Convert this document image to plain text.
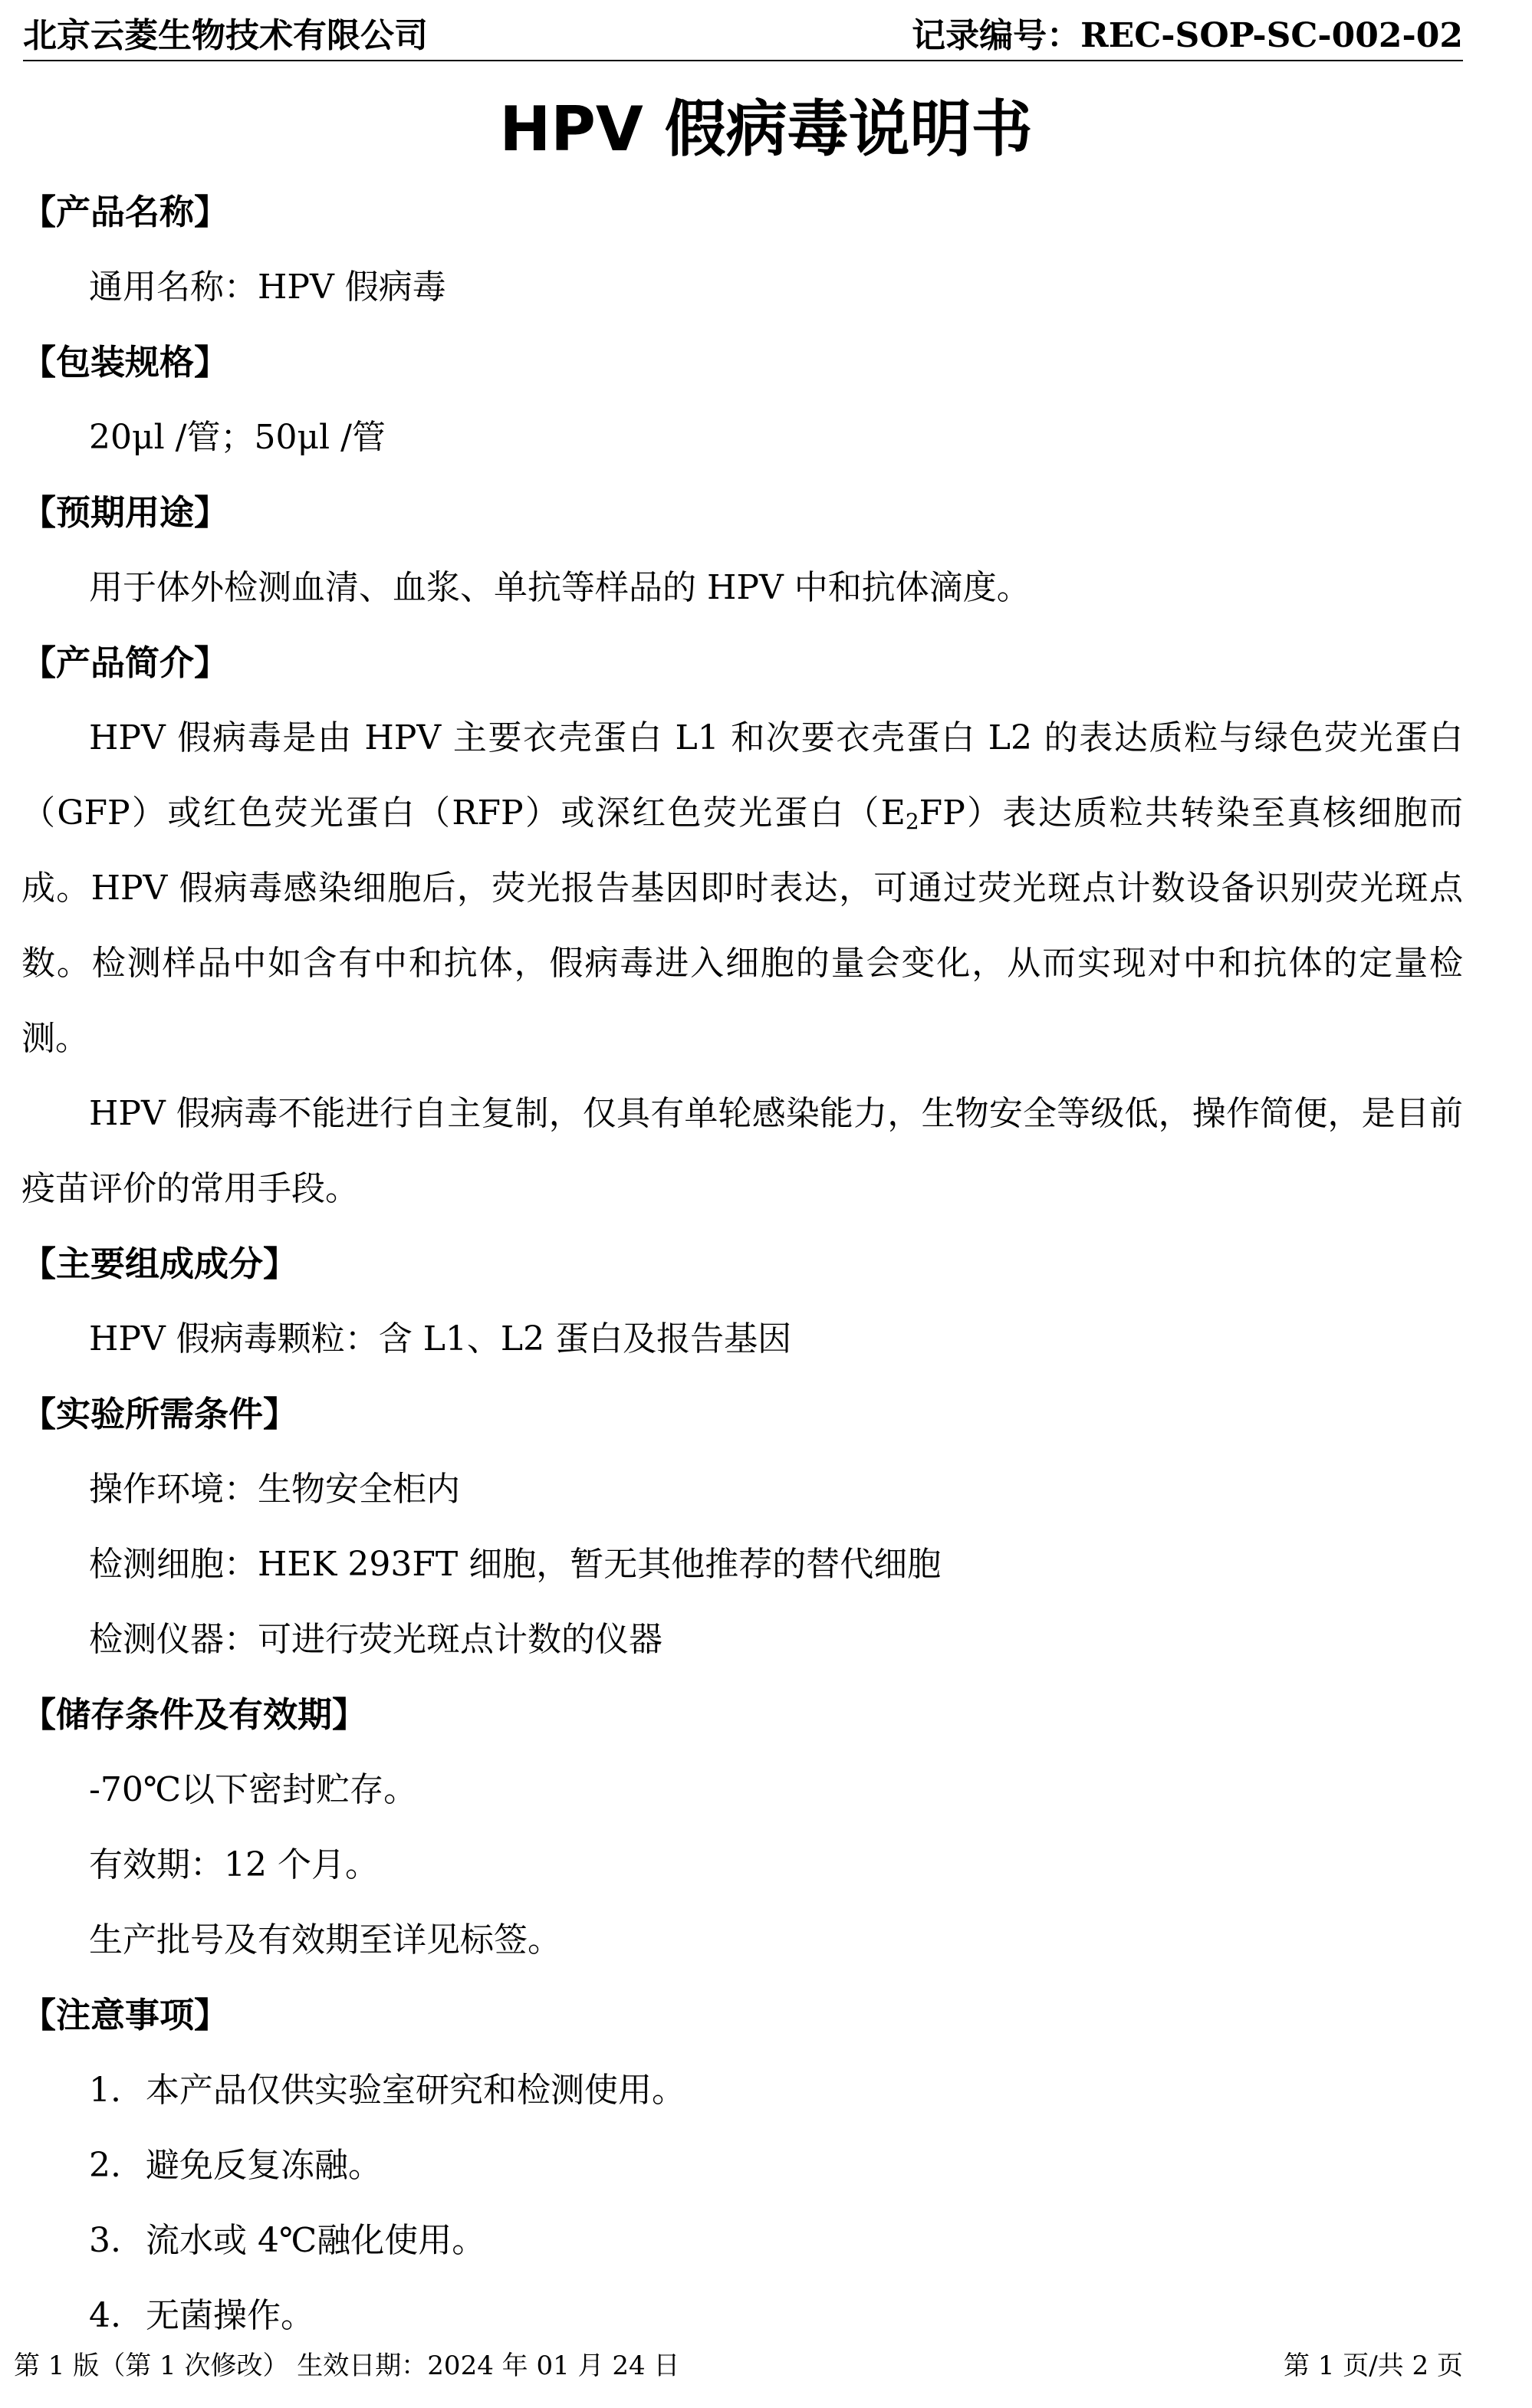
北京云菱生物技术有限公司	记录编号：REC-SOP-SC-002-02
HPV 假病毒说明书
【产品名称】
通用名称：HPV 假病毒
【包装规格】
20μl /管；50μl /管
【预期用途】
用于体外检测血清、血浆、单抗等样品的 HPV 中和抗体滴度。
【产品简介】
HPV 假病毒是由 HPV 主要衣壳蛋白 L1 和次要衣壳蛋白 L2 的表达质粒与绿色荧光蛋白（GFP）或红色荧光蛋白（RFP）或深红色荧光蛋白$(E_2FP)$表达质粒共转染至真核细胞而成。HPV 假病毒感染细胞后，荧光报告基因即时表达，可通过荧光斑点计数设备识别荧光斑点数。检测样品中如含有中和抗体，假病毒进入细胞的量会变化，从而实现对中和抗体的定量检测。
HPV 假病毒不能进行自主复制，仅具有单轮感染能力，生物安全等级低，操作简便，是目前疫苗评价的常用手段。
【主要组成成分】
HPV 假病毒颗粒：含 L1、L2 蛋白及报告基因
【实验所需条件】
操作环境：生物安全柜内
检测细胞：HEK 293FT 细胞，暂无其他推荐的替代细胞
检测仪器：可进行荧光斑点计数的仪器
【储存条件及有效期】
-70℃以下密封贮存。
有效期：12 个月。
生产批号及有效期至详见标签。
【注意事项】
1. 本产品仅供实验室研究和检测使用。
2. 避免反复冻融。
3. 流水或 4℃融化使用。
4. 无菌操作。
第 1 版（第 1 次修改） 生效日期：2024 年 01 月 24 日	第 1 页/共 2 页
